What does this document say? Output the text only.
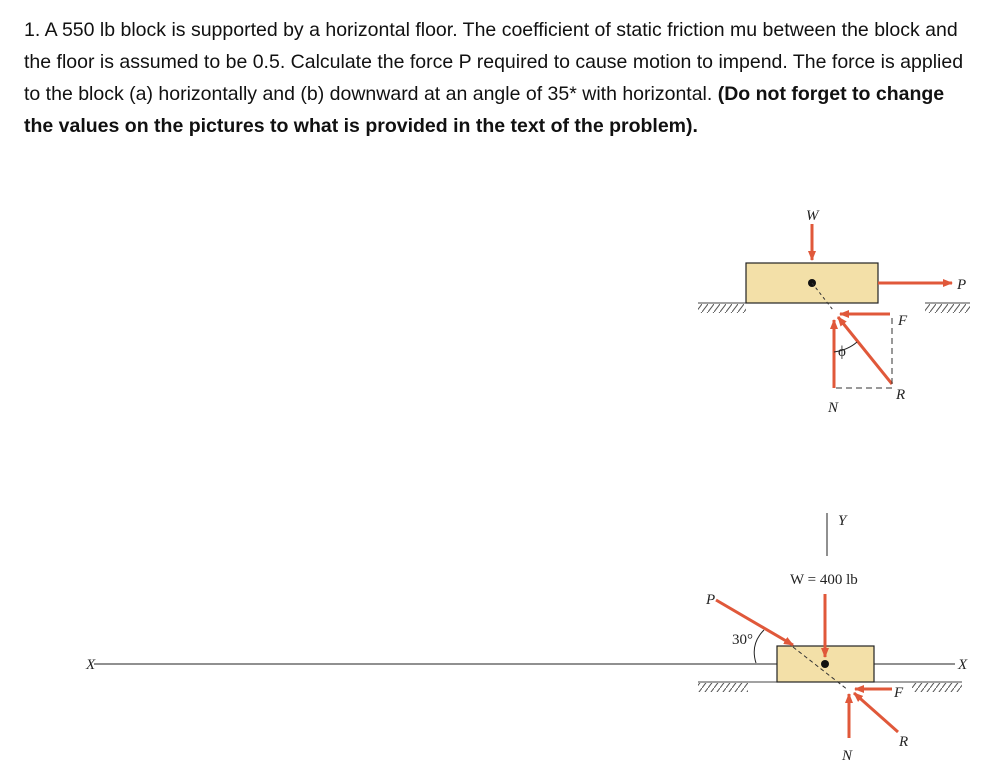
1. A 550 lb block is supported by a horizontal floor. The coefficient of static friction mu between the block and the floor is assumed to be 0.5. Calculate the force P required to cause motion to impend. The force is applied to the block (a) horizontally and (b) downward at an angle of 35* with horizontal. (Do not forget to change the values on the pictures to what is provided in the text of the problem).
W
P
F
R
N
ϕ
Y
W = 400 lb
X	X
P
30°
F
R
N
